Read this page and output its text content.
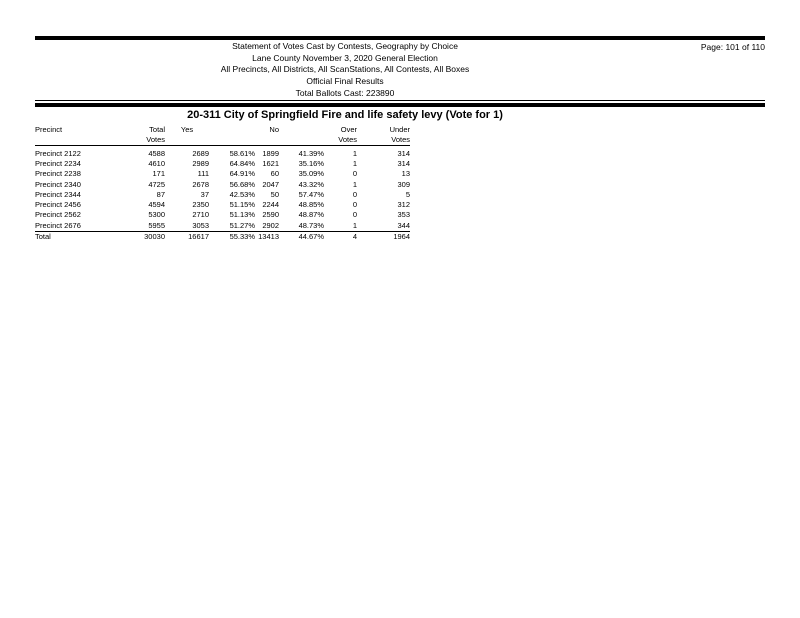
Statement of Votes Cast by Contests, Geography by Choice
Lane County November 3, 2020 General Election
All Precincts, All Districts, All ScanStations, All Contests, All Boxes
Official Final Results
Total Ballots Cast: 223890
Page: 101 of 110
20-311 City of Springfield Fire and life safety levy (Vote for 1)
Precinct	Total	Yes		No		Over	Under
	Votes					Votes	Votes

Precinct 2122	4588	2689	58.61%	1899	41.39%	1	314
Precinct 2234	4610	2989	64.84%	1621	35.16%	1	314
Precinct 2238	171	111	64.91%	60	35.09%	0	13
Precinct 2340	4725	2678	56.68%	2047	43.32%	1	309
Precinct 2344	87	37	42.53%	50	57.47%	0	5
Precinct 2456	4594	2350	51.15%	2244	48.85%	0	312
Precinct 2562	5300	2710	51.13%	2590	48.87%	0	353
Precinct 2676	5955	3053	51.27%	2902	48.73%	1	344
Total	30030	16617	55.33%	13413	44.67%	4	1964
